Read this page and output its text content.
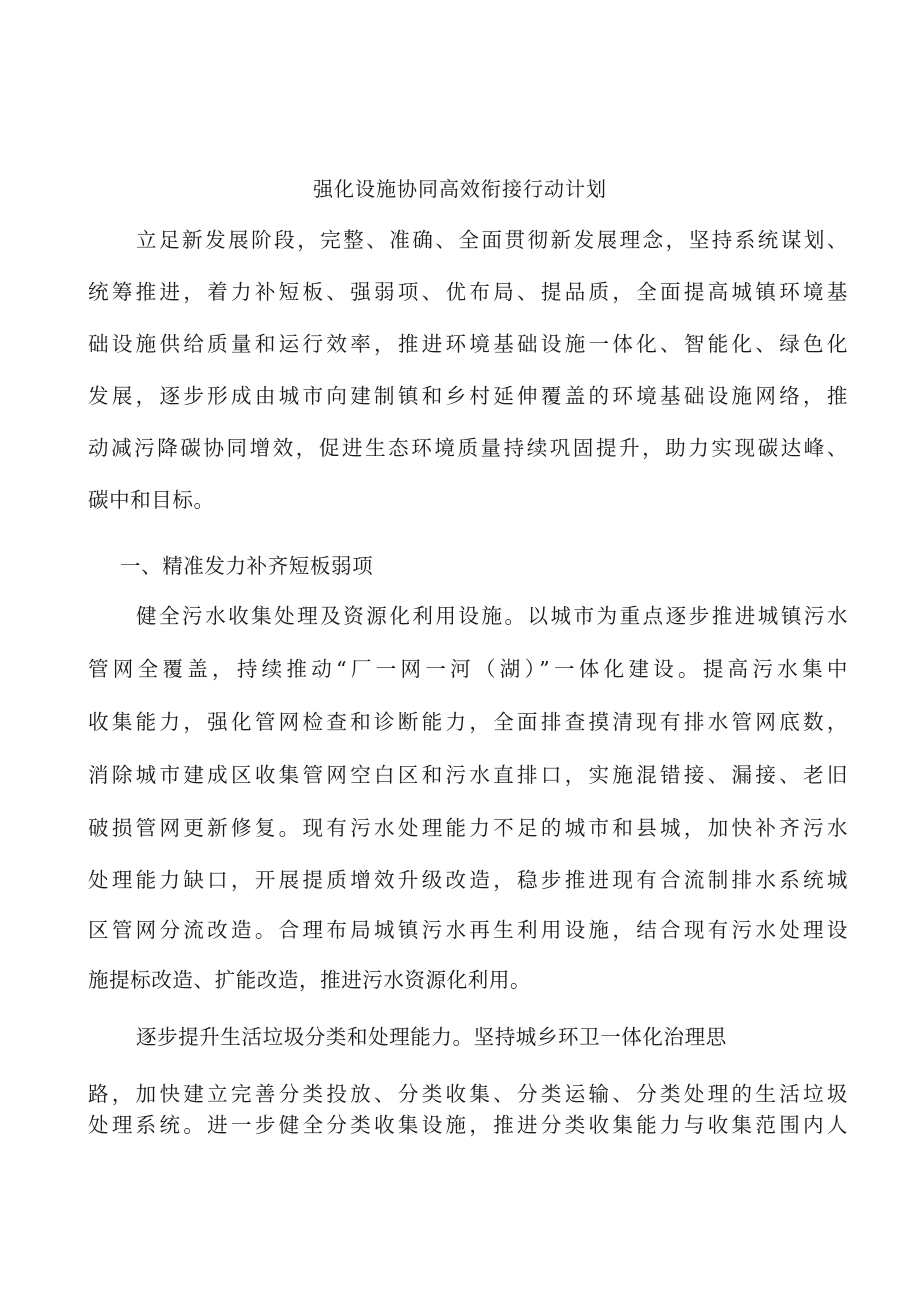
强化设施协同高效衔接行动计划
立足新发展阶段，完整、准确、全面贯彻新发展理念，坚持系统谋划、
统筹推进，着力补短板、强弱项、优布局、提品质，全面提高城镇环境基
础设施供给质量和运行效率，推进环境基础设施一体化、智能化、绿色化
发展，逐步形成由城市向建制镇和乡村延伸覆盖的环境基础设施网络，推
动减污降碳协同增效，促进生态环境质量持续巩固提升，助力实现碳达峰、
碳中和目标。
一、精准发力补齐短板弱项
健全污水收集处理及资源化利用设施。以城市为重点逐步推进城镇污水
管网全覆盖，持续推动“厂一网一河（湖）”一体化建设。提高污水集中
收集能力，强化管网检查和诊断能力，全面排查摸清现有排水管网底数，
消除城市建成区收集管网空白区和污水直排口，实施混错接、漏接、老旧
破损管网更新修复。现有污水处理能力不足的城市和县城，加快补齐污水
处理能力缺口，开展提质增效升级改造，稳步推进现有合流制排水系统城
区管网分流改造。合理布局城镇污水再生利用设施，结合现有污水处理设
施提标改造、扩能改造，推进污水资源化利用。
逐步提升生活垃圾分类和处理能力。坚持城乡环卫一体化治理思
路，加快建立完善分类投放、分类收集、分类运输、分类处理的生活垃圾
处理系统。进一步健全分类收集设施，推进分类收集能力与收集范围内人
